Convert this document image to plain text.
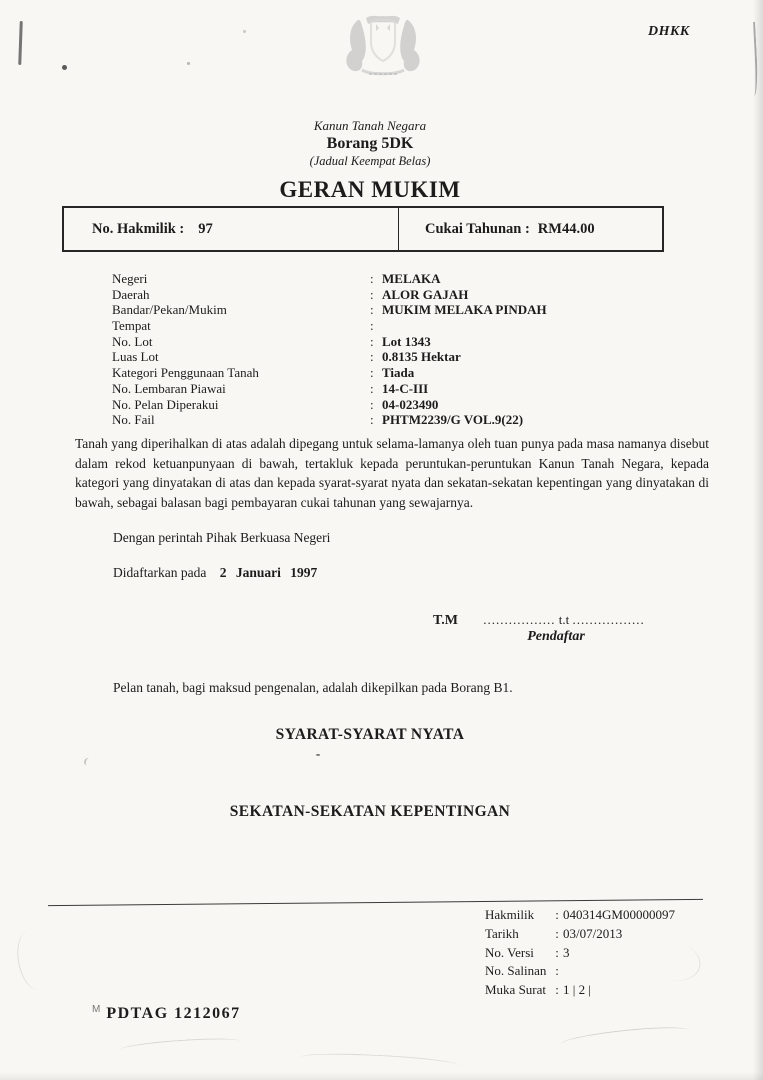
DHKK
Kanun Tanah Negara
Borang 5DK
(Jadual Keempat Belas)
GERAN MUKIM
No. Hakmilik : 97	Cukai Tahunan : RM44.00
Negeri	: MELAKA
Daerah	: ALOR GAJAH
Bandar/Pekan/Mukim	: MUKIM MELAKA PINDAH
Tempat	:
No. Lot	: Lot 1343
Luas Lot	: 0.8135 Hektar
Kategori Penggunaan Tanah	: Tiada
No. Lembaran Piawai	: 14-C-III
No. Pelan Diperakui	: 04-023490
No. Fail	: PHTM2239/G VOL.9(22)
Tanah yang diperihalkan di atas adalah dipegang untuk selama-lamanya oleh tuan punya pada masa namanya disebut dalam rekod ketuanpunyaan di bawah, tertakluk kepada peruntukan-peruntukan Kanun Tanah Negara, kepada kategori yang dinyatakan di atas dan kepada syarat-syarat nyata dan sekatan-sekatan kepentingan yang dinyatakan di bawah, sebagai balasan bagi pembayaran cukai tahunan yang sewajarnya.
Dengan perintah Pihak Berkuasa Negeri
Didaftarkan pada 2 Januari 1997
T.M ................. t.t .................
Pendaftar
Pelan tanah, bagi maksud pengenalan, adalah dikepilkan pada Borang B1.
SYARAT-SYARAT NYATA
-
SEKATAN-SEKATAN KEPENTINGAN
Hakmilik	: 040314GM00000097
Tarikh	: 03/07/2013
No. Versi	: 3
No. Salinan :
Muka Surat : 1 | 2 |
$^M$ PDTAG 1212067
